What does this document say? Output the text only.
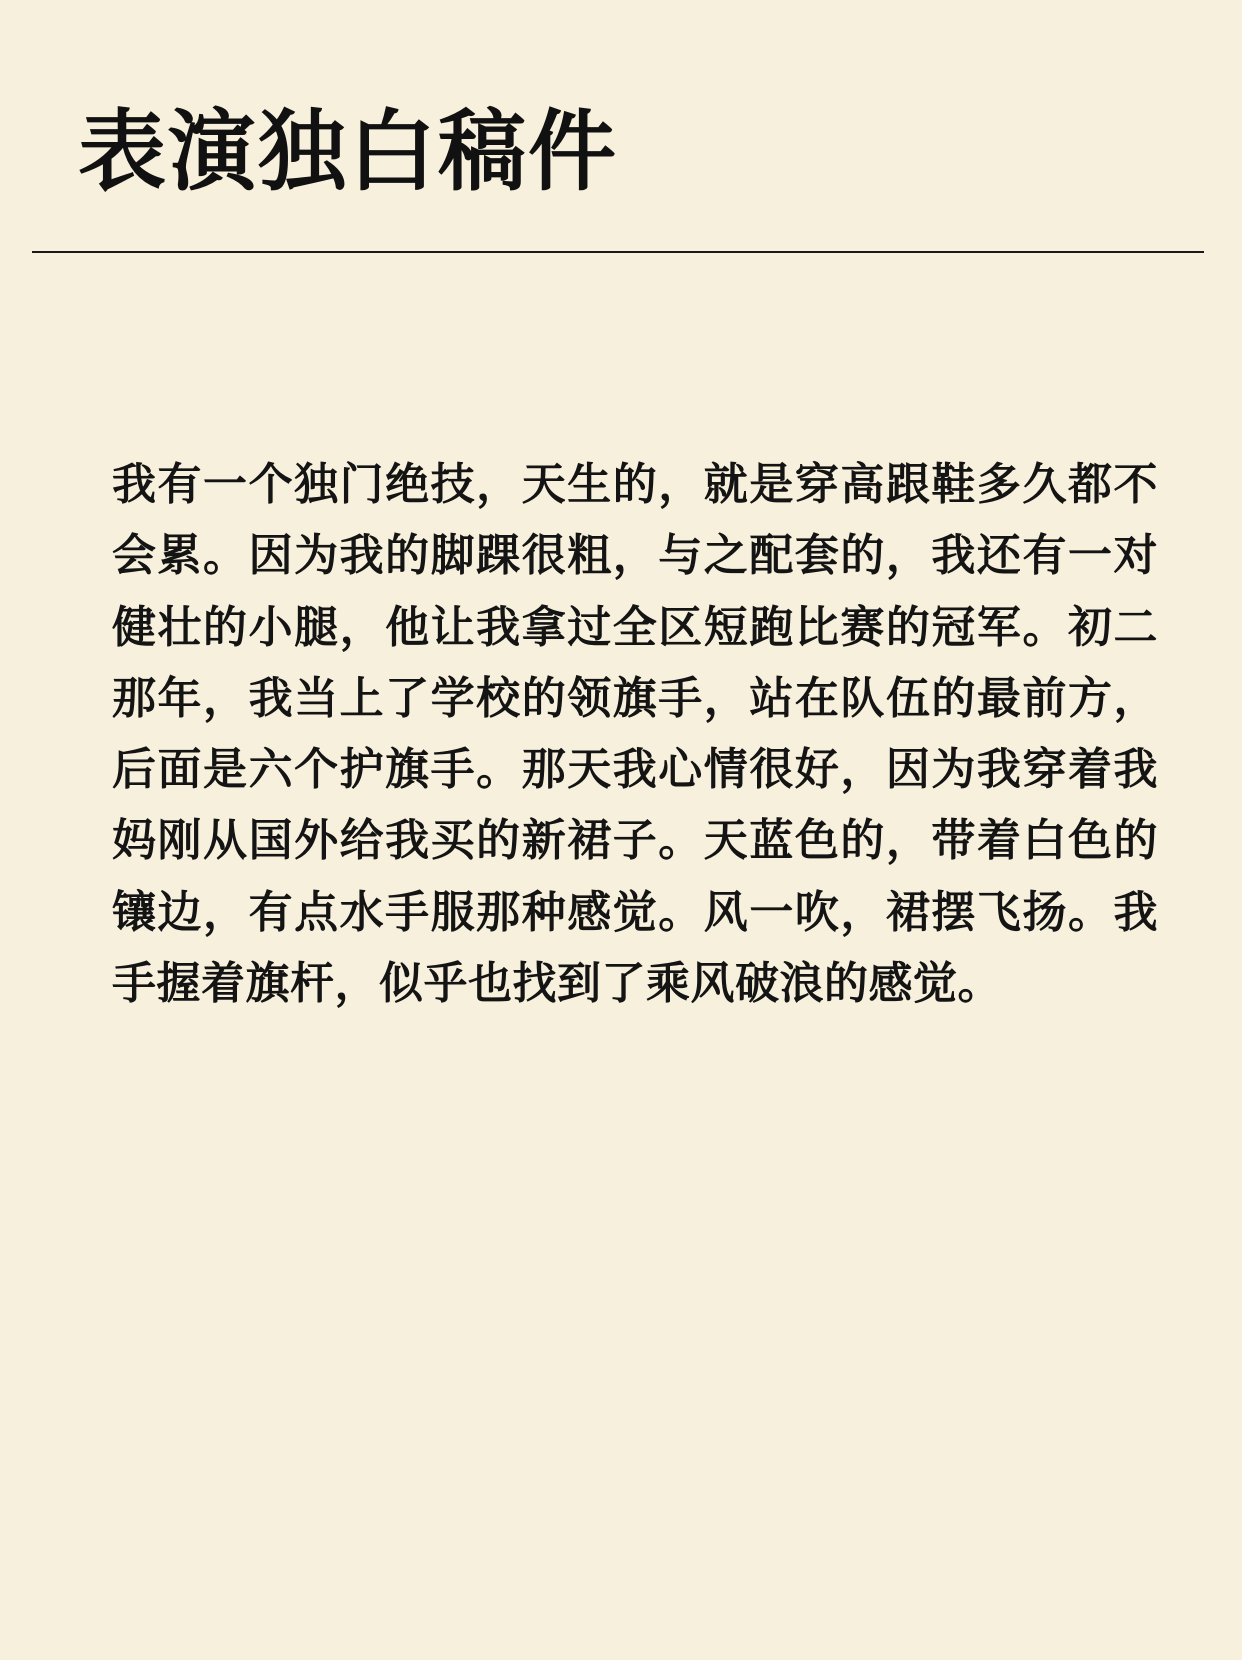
表演独白稿件

我有一个独门绝技，天生的，就是穿高跟鞋多久都不会累。因为我的脚踝很粗，与之配套的，我还有一对健壮的小腿，他让我拿过全区短跑比赛的冠军。初二那年，我当上了学校的领旗手，站在队伍的最前方，后面是六个护旗手。那天我心情很好，因为我穿着我妈刚从国外给我买的新裙子。天蓝色的，带着白色的镶边，有点水手服那种感觉。风一吹，裙摆飞扬。我手握着旗杆，似乎也找到了乘风破浪的感觉。
